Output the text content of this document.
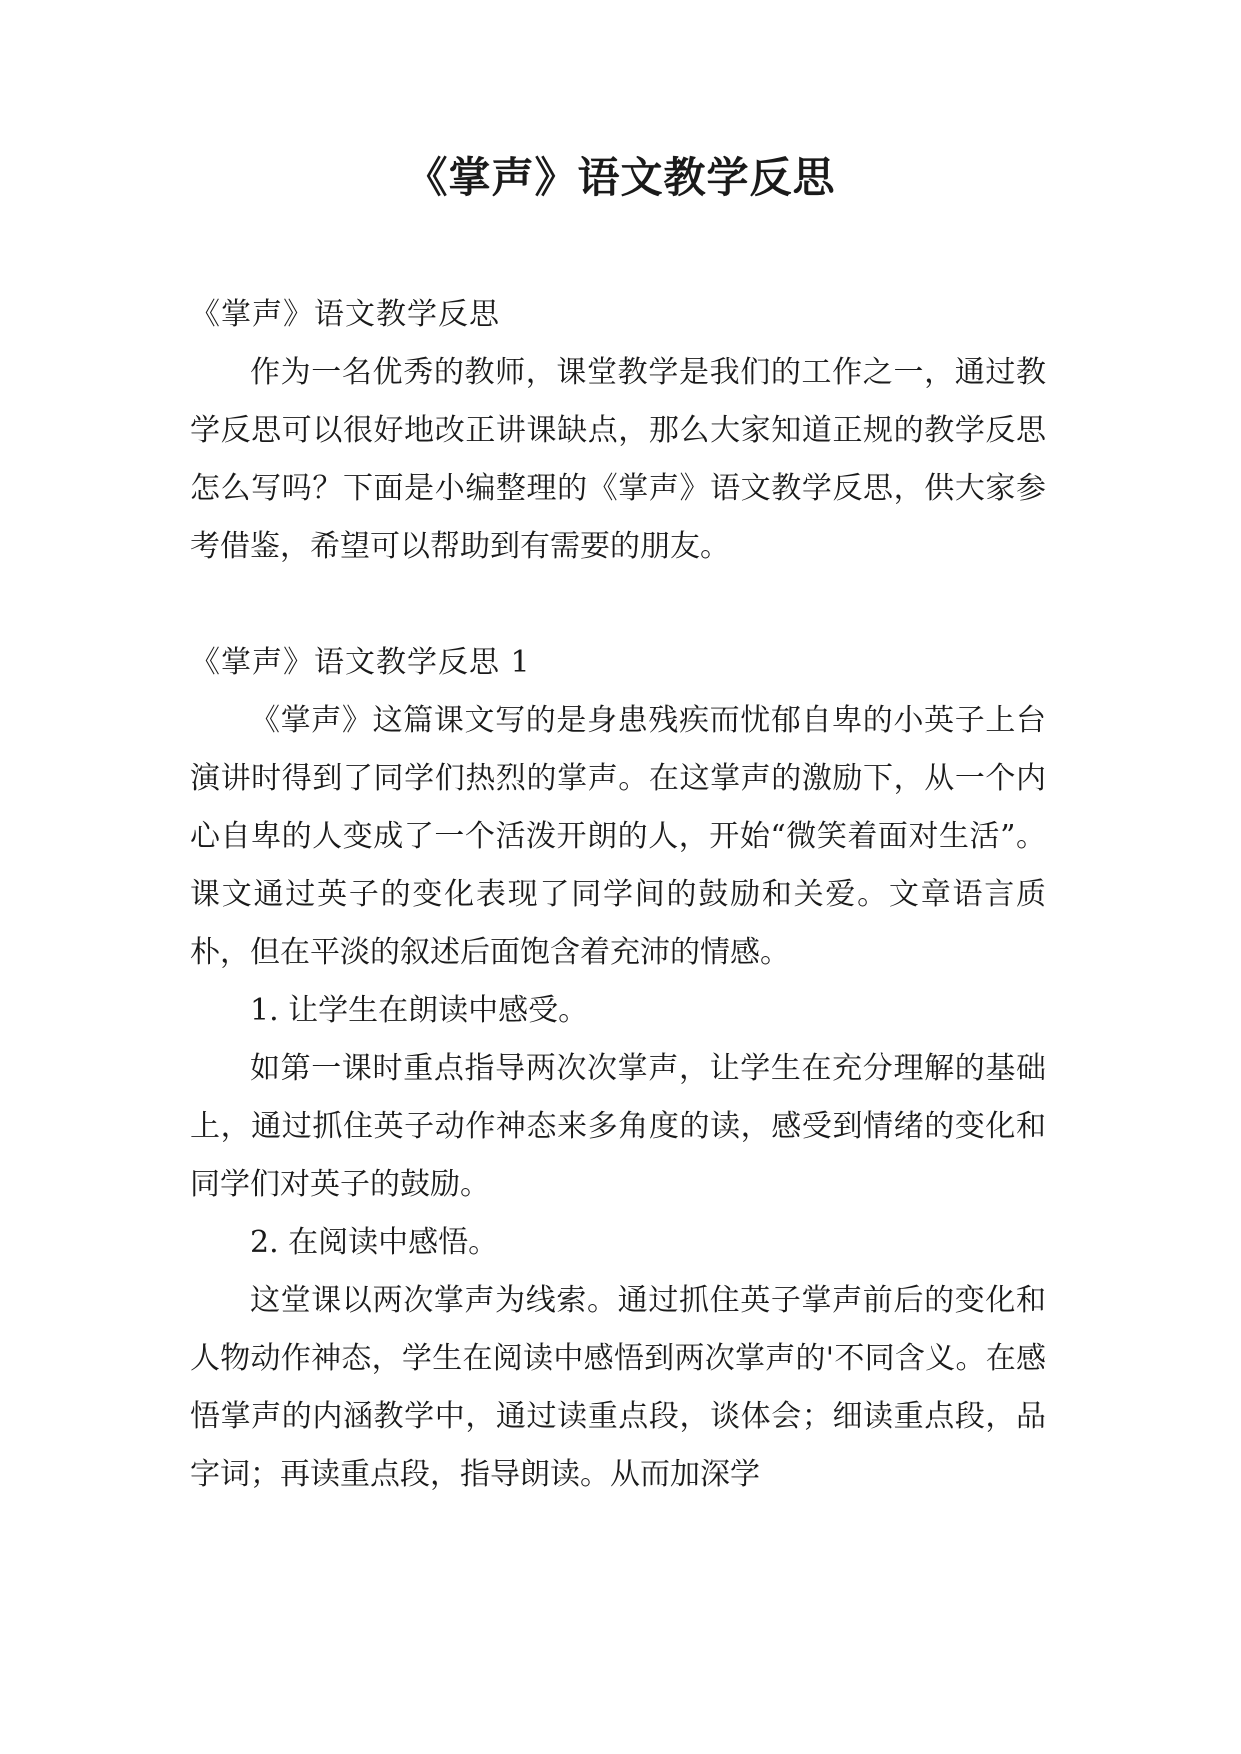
《掌声》语文教学反思

《掌声》语文教学反思

作为一名优秀的教师，课堂教学是我们的工作之一，通过教学反思可以很好地改正讲课缺点，那么大家知道正规的教学反思怎么写吗？下面是小编整理的《掌声》语文教学反思，供大家参考借鉴，希望可以帮助到有需要的朋友。

《掌声》语文教学反思 1

《掌声》这篇课文写的是身患残疾而忧郁自卑的小英子上台演讲时得到了同学们热烈的掌声。在这掌声的激励下，从一个内心自卑的人变成了一个活泼开朗的人，开始“微笑着面对生活”。课文通过英子的变化表现了同学间的鼓励和关爱。文章语言质朴，但在平淡的叙述后面饱含着充沛的情感。

1. 让学生在朗读中感受。

如第一课时重点指导两次次掌声，让学生在充分理解的基础上，通过抓住英子动作神态来多角度的读，感受到情绪的变化和同学们对英子的鼓励。

2. 在阅读中感悟。

这堂课以两次掌声为线索。通过抓住英子掌声前后的变化和人物动作神态，学生在阅读中感悟到两次掌声的'不同含义。在感悟掌声的内涵教学中，通过读重点段，谈体会；细读重点段，品字词；再读重点段，指导朗读。从而加深学
